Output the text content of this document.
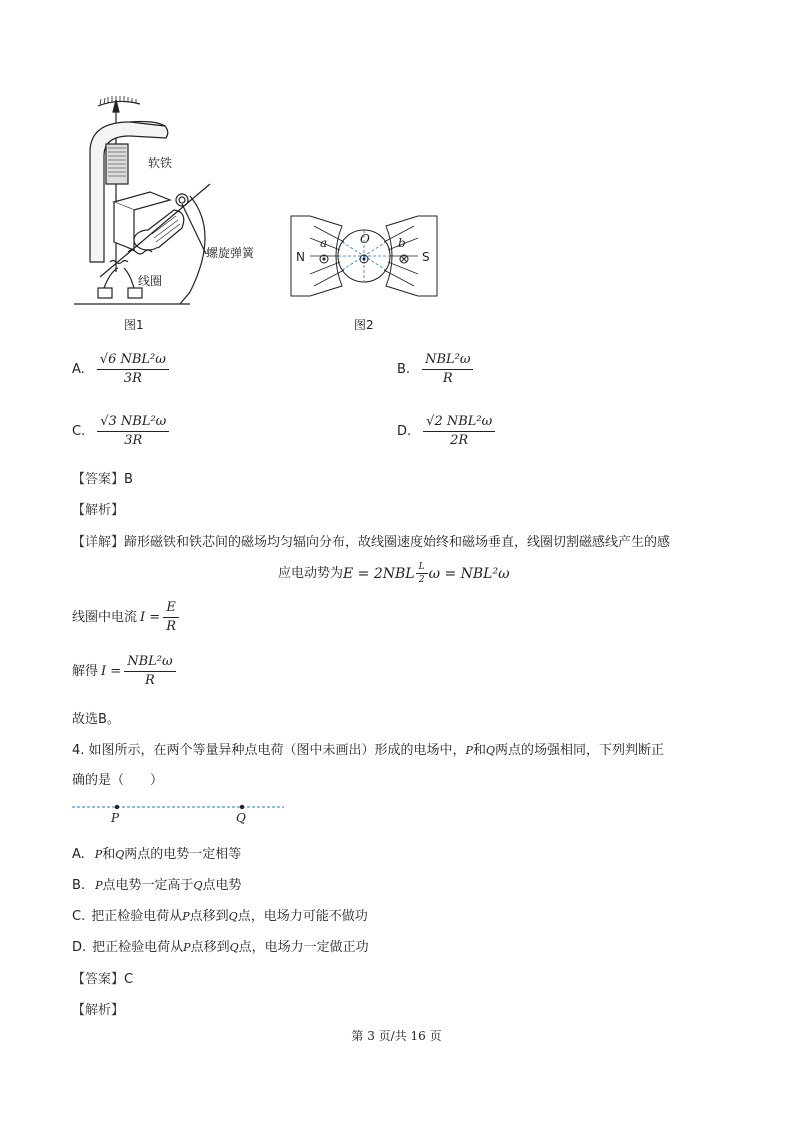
软铁
螺旋弹簧
线圈
图1
N	S
O
a	b
图2
A. $\frac{\text{√6 NBL²ω}}{3R}$	B. $\frac{\text{NBL²ω}}{R}$
C. $\frac{\text{√3 NBL²ω}}{3R}$	D. $\frac{\text{√2 NBL²ω}}{2R}$
【答案】B
【解析】
【详解】蹄形磁铁和铁芯间的磁场均匀辐向分布，故线圈速度始终和磁场垂直，线圈切割磁感线产生的感
应电动势为 $E = 2NBL \frac{L}{2}$ ω = NBL²ω
线圈中电流 $I = \frac{E}{R}$
解得 $I = \frac{\text{NBL²ω}}{R}$
故选B。
4. 如图所示，在两个等量异种点电荷（图中未画出）形成的电场中，P和Q两点的场强相同，下列判断正
确的是（　　）
P	Q
A. P和Q两点的电势一定相等
B. P点电势一定高于Q点电势
C. 把正检验电荷从P点移到Q点，电场力可能不做功
D. 把正检验电荷从P点移到Q点，电场力一定做正功
【答案】C
【解析】
第 3 页/共 16 页
